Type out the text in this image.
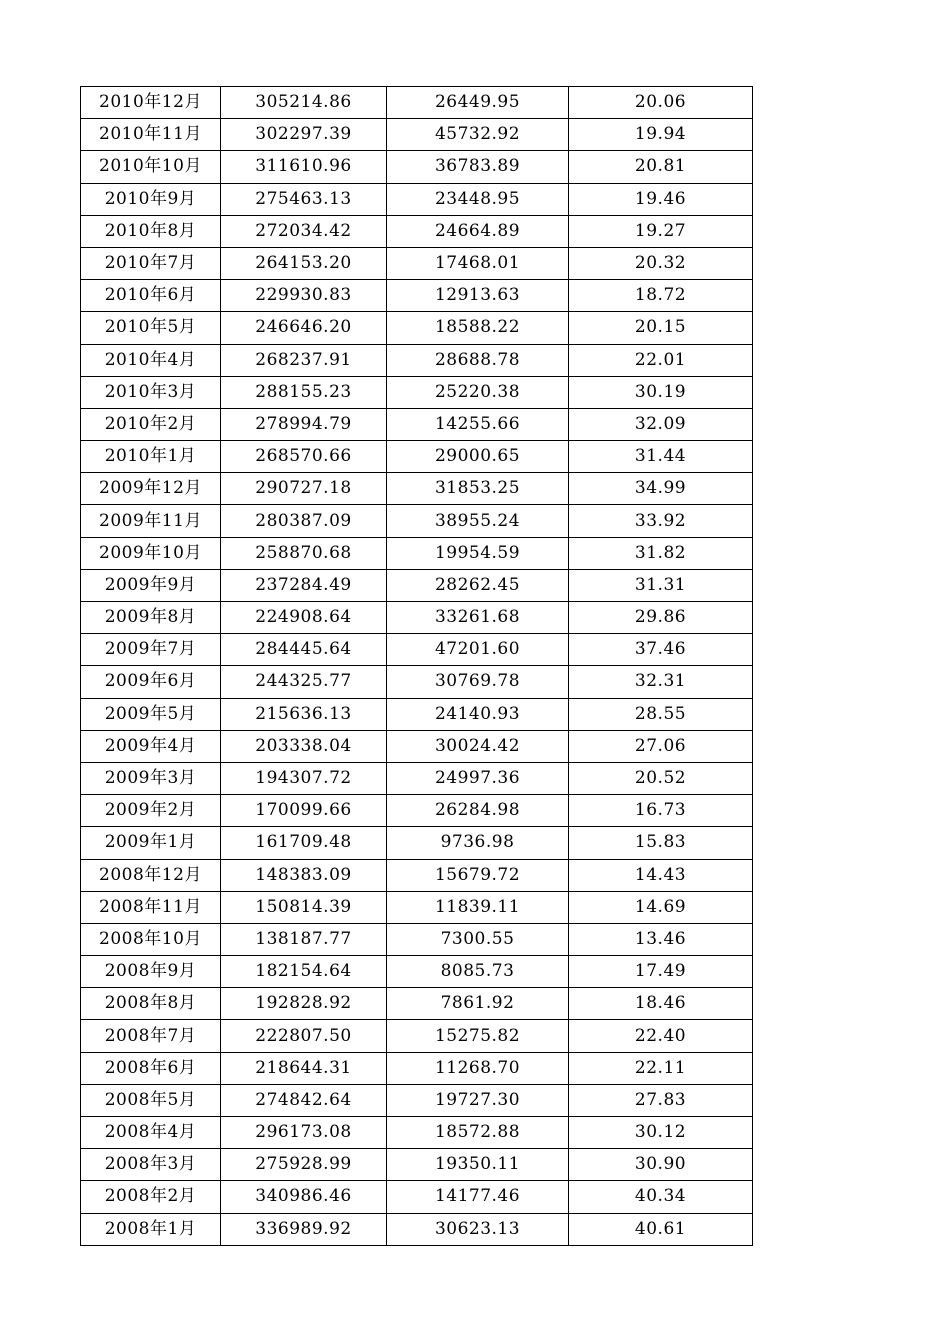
2010年12月	305214.86	26449.95	20.06
2010年11月	302297.39	45732.92	19.94
2010年10月	311610.96	36783.89	20.81
2010年9月	275463.13	23448.95	19.46
2010年8月	272034.42	24664.89	19.27
2010年7月	264153.20	17468.01	20.32
2010年6月	229930.83	12913.63	18.72
2010年5月	246646.20	18588.22	20.15
2010年4月	268237.91	28688.78	22.01
2010年3月	288155.23	25220.38	30.19
2010年2月	278994.79	14255.66	32.09
2010年1月	268570.66	29000.65	31.44
2009年12月	290727.18	31853.25	34.99
2009年11月	280387.09	38955.24	33.92
2009年10月	258870.68	19954.59	31.82
2009年9月	237284.49	28262.45	31.31
2009年8月	224908.64	33261.68	29.86
2009年7月	284445.64	47201.60	37.46
2009年6月	244325.77	30769.78	32.31
2009年5月	215636.13	24140.93	28.55
2009年4月	203338.04	30024.42	27.06
2009年3月	194307.72	24997.36	20.52
2009年2月	170099.66	26284.98	16.73
2009年1月	161709.48	9736.98	15.83
2008年12月	148383.09	15679.72	14.43
2008年11月	150814.39	11839.11	14.69
2008年10月	138187.77	7300.55	13.46
2008年9月	182154.64	8085.73	17.49
2008年8月	192828.92	7861.92	18.46
2008年7月	222807.50	15275.82	22.40
2008年6月	218644.31	11268.70	22.11
2008年5月	274842.64	19727.30	27.83
2008年4月	296173.08	18572.88	30.12
2008年3月	275928.99	19350.11	30.90
2008年2月	340986.46	14177.46	40.34
2008年1月	336989.92	30623.13	40.61
